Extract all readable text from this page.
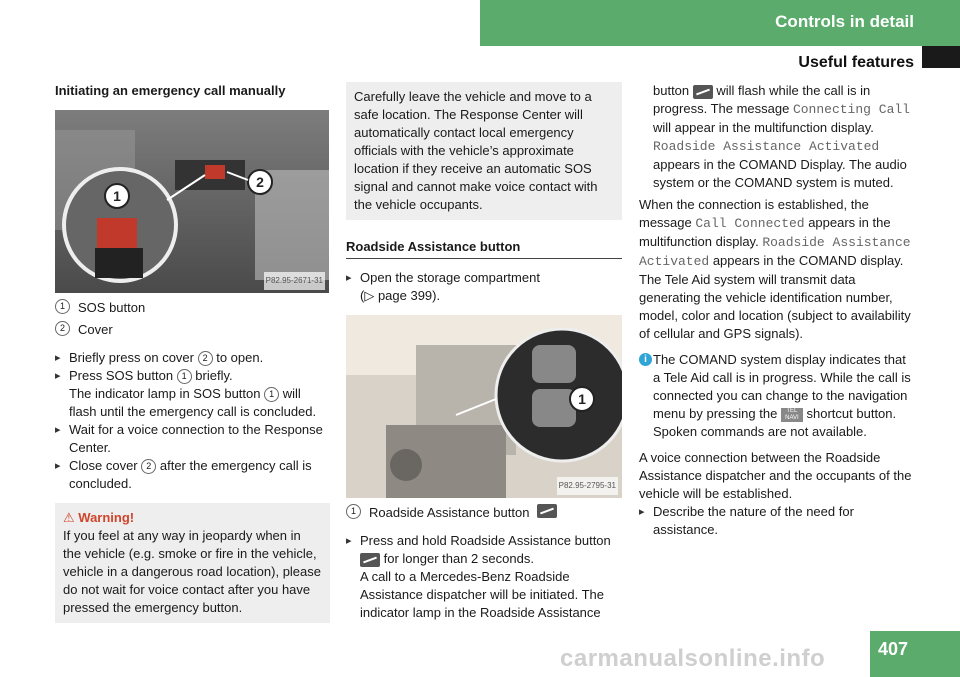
Controls in detail
Useful features

Initiating an emergency call manually

1
2
P82.95-2671-31
1	SOS button
2	Cover

▸ Briefly press on cover 2 to open.

▸ Press SOS button 1 briefly.

The indicator lamp in SOS button 1 will flash until the emergency call is concluded.

▸ Wait for a voice connection to the Response Center.

▸ Close cover 2 after the emergency call is concluded.

⚠ Warning!

If you feel at any way in jeopardy when in the vehicle (e.g. smoke or fire in the vehicle, vehicle in a dangerous road location), please do not wait for voice contact after you have pressed the emergency button.

Carefully leave the vehicle and move to a safe location. The Response Center will automatically contact local emergency officials with the vehicle’s approximate location if they receive an automatic SOS signal and cannot make voice contact with the vehicle occupants.

Roadside Assistance button

▸ Open the storage compartment
(▷ page 399).

1
P82.95-2795-31
1	Roadside Assistance button

▸ Press and hold Roadside Assistance button
for longer than 2 seconds.

A call to a Mercedes-Benz Roadside Assistance dispatcher will be initiated. The indicator lamp in the Roadside Assistance

button  will flash while the call is in progress. The message Connecting Call will appear in the multifunction display. Roadside Assistance Activated appears in the COMAND Display. The audio system or the COMAND system is muted.

When the connection is established, the message Call Connected appears in the multifunction display. Roadside Assistance Activated appears in the COMAND display. The Tele Aid system will transmit data generating the vehicle identification number, model, color and location (subject to availability of cellular and GPS signals).

i The COMAND system display indicates that a Tele Aid call is in progress. While the call is connected you can change to the navigation menu by pressing the TEL NAVI shortcut button. Spoken commands are not available.

A voice connection between the Roadside Assistance dispatcher and the occupants of the vehicle will be established.

▸ Describe the nature of the need for assistance.

carmanualsonline.info	407
